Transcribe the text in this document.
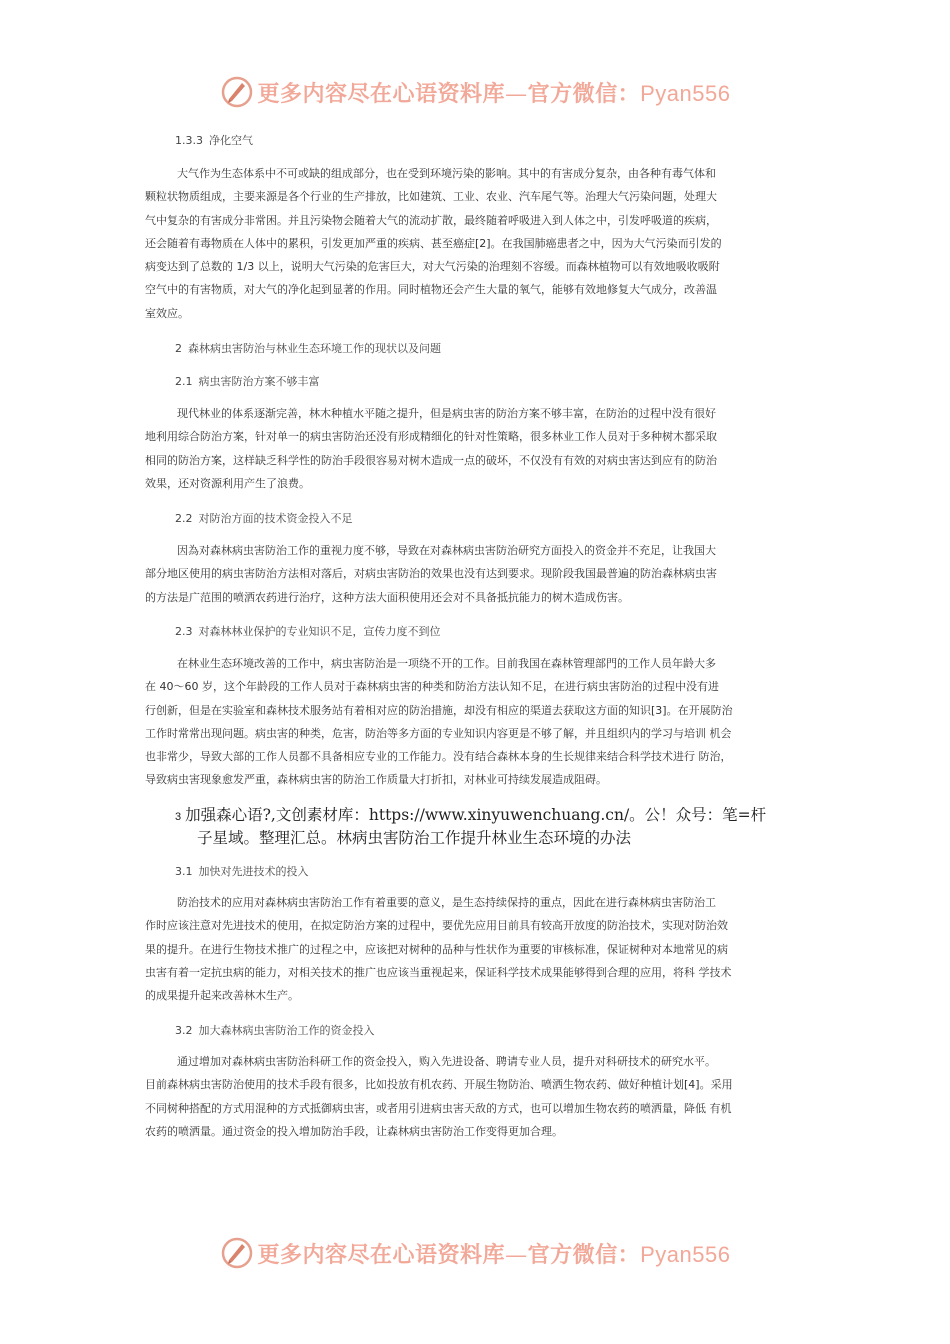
更多内容尽在心语资料库—官方微信：Pyan556
1.3.3 净化空气
大气作为生态体系中不可或缺的组成部分，也在受到环境污染的影响。其中的有害成分复杂，由各种有毒气体和
颗粒状物质组成，主要来源是各个行业的生产排放，比如建筑、工业、农业、汽车尾气等。治理大气污染问题，处理大
气中复杂的有害成分非常困。并且污染物会随着大气的流动扩散，最终随着呼吸进入到人体之中，引发呼吸道的疾病，
还会随着有毒物质在人体中的累积，引发更加严重的疾病、甚至癌症[2]。在我国肺癌患者之中，因为大气污染而引发的
病变达到了总数的 1/3 以上，说明大气污染的危害巨大，对大气污染的治理刻不容缓。而森林植物可以有效地吸收吸附
空气中的有害物质，对大气的净化起到显著的作用。同时植物还会产生大量的氧气，能够有效地修复大气成分，改善温
室效应。
2 森林病虫害防治与林业生态环境工作的现状以及问题
2.1 病虫害防治方案不够丰富
现代林业的体系逐渐完善，林木种植水平随之提升，但是病虫害的防治方案不够丰富，在防治的过程中没有很好
地利用综合防治方案，针对单一的病虫害防治还没有形成精细化的针对性策略，很多林业工作人员对于多种树木都采取
相同的防治方案，这样缺乏科学性的防治手段很容易对树木造成一点的破坏，不仅没有有效的对病虫害达到应有的防治
效果，还对资源利用产生了浪费。
2.2 对防治方面的技术资金投入不足
因為对森林病虫害防治工作的重视力度不够，导致在对森林病虫害防治研究方面投入的资金并不充足，让我国大
部分地区使用的病虫害防治方法相对落后，对病虫害防治的效果也没有达到要求。现阶段我国最普遍的防治森林病虫害
的方法是广范围的喷洒农药进行治疗，这种方法大面积使用还会对不具备抵抗能力的树木造成伤害。
2.3 对森林林业保护的专业知识不足，宣传力度不到位
在林业生态环境改善的工作中，病虫害防治是一项绕不开的工作。目前我国在森林管理部門的工作人员年龄大多
在 40～60 岁，这个年龄段的工作人员对于森林病虫害的种类和防治方法认知不足，在进行病虫害防治的过程中没有进
行创新，但是在实验室和森林技术服务站有着相对应的防治措施，却没有相应的渠道去获取这方面的知识[3]。在开展防治
工作时常常出现问题。病虫害的种类，危害，防治等多方面的专业知识内容更是不够了解，并且组织内的学习与培训 机会
也非常少，导致大部的工作人员都不具备相应专业的工作能力。没有结合森林本身的生长规律来结合科学技术进行 防治，
导致病虫害现象愈发严重，森林病虫害的防治工作质量大打折扣，对林业可持续发展造成阻碍。
3 加强森心语?,文创素材库：https://www.xinyuwenchuang.cn/。公！众号：笔=杆
子星域。整理汇总。林病虫害防治工作提升林业生态环境的办法
3.1 加快对先进技术的投入
防治技术的应用对森林病虫害防治工作有着重要的意义，是生态持续保持的重点，因此在进行森林病虫害防治工
作时应该注意对先进技术的使用，在拟定防治方案的过程中，要优先应用目前具有较高开放度的防治技术，实现对防治效
果的提升。在进行生物技术推广的过程之中，应该把对树种的品种与性状作为重要的审核标准，保证树种对本地常见的病
虫害有着一定抗虫病的能力，对相关技术的推广也应该当重视起来，保证科学技术成果能够得到合理的应用，将科 学技术
的成果提升起来改善林木生产。
3.2 加大森林病虫害防治工作的资金投入
通过增加对森林病虫害防治科研工作的资金投入，购入先进设备、聘请专业人员，提升对科研技术的研究水平。
目前森林病虫害防治使用的技术手段有很多，比如投放有机农药、开展生物防治、喷洒生物农药、做好种植计划[4]。采用
不同树种搭配的方式用混种的方式抵御病虫害，或者用引进病虫害天敌的方式，也可以增加生物农药的喷洒量，降低 有机
农药的喷洒量。通过资金的投入增加防治手段，让森林病虫害防治工作变得更加合理。
更多内容尽在心语资料库—官方微信：Pyan556
